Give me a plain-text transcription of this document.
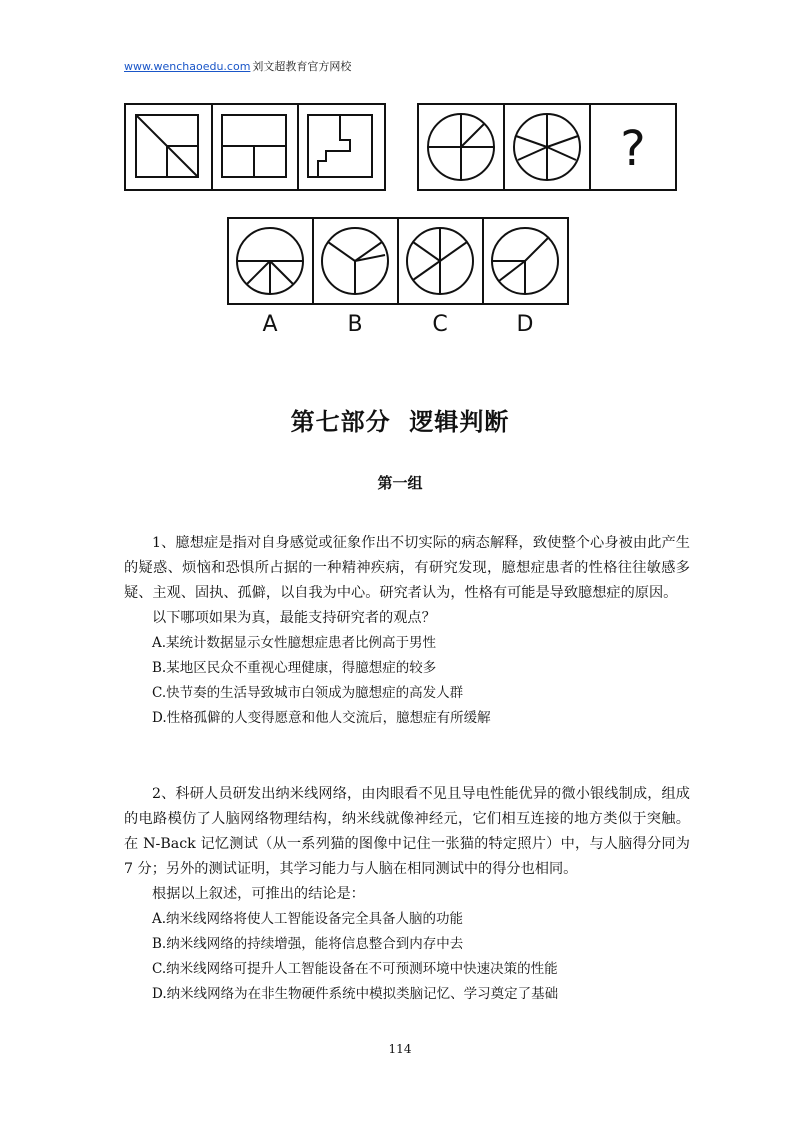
www.wenchaoedu.com 刘文超教育官方网校
?
A	B	C	D
第七部分  逻辑判断
第一组

1、臆想症是指对自身感觉或征象作出不切实际的病态解释，致使整个心身被由此产生的疑惑、烦恼和恐惧所占据的一种精神疾病，有研究发现，臆想症患者的性格往往敏感多疑、主观、固执、孤僻，以自我为中心。研究者认为，性格有可能是导致臆想症的原因。

以下哪项如果为真，最能支持研究者的观点？

A.某统计数据显示女性臆想症患者比例高于男性

B.某地区民众不重视心理健康，得臆想症的较多

C.快节奏的生活导致城市白领成为臆想症的高发人群

D.性格孤僻的人变得愿意和他人交流后，臆想症有所缓解

2、科研人员研发出纳米线网络，由肉眼看不见且导电性能优异的微小银线制成，组成的电路模仿了人脑网络物理结构，纳米线就像神经元，它们相互连接的地方类似于突触。在 N-Back 记忆测试（从一系列猫的图像中记住一张猫的特定照片）中，与人脑得分同为 7 分；另外的测试证明，其学习能力与人脑在相同测试中的得分也相同。

根据以上叙述，可推出的结论是：

A.纳米线网络将使人工智能设备完全具备人脑的功能

B.纳米线网络的持续增强，能将信息整合到内存中去

C.纳米线网络可提升人工智能设备在不可预测环境中快速决策的性能

D.纳米线网络为在非生物硬件系统中模拟类脑记忆、学习奠定了基础

114
